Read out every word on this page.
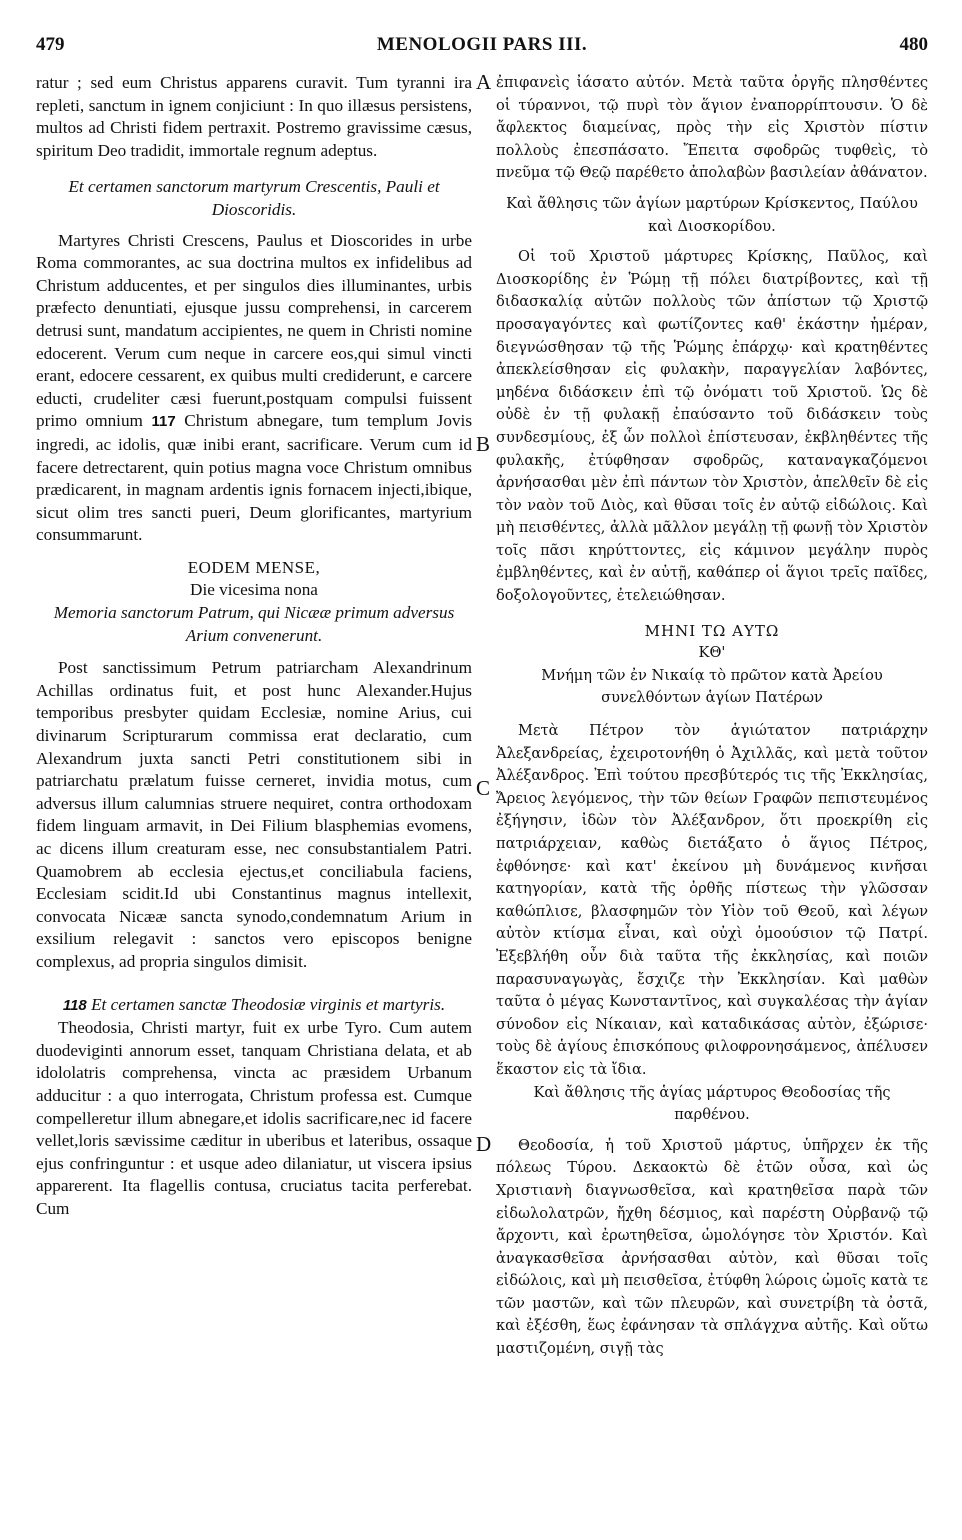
479	MENOLOGII PARS III.	480
A
B
C
D

ratur ; sed eum Christus apparens curavit. Tum tyranni ira repleti, sanctum in ignem conjiciunt : In quo illæsus persistens, multos ad Christi fidem pertraxit. Postremo gravissime cæsus, spiritum Deo tradidit, immortale regnum adeptus.

Et certamen sanctorum martyrum Crescentis, Pauli et Dioscoridis.

Martyres Christi Crescens, Paulus et Dioscorides in urbe Roma commorantes, ac sua doctrina multos ex infidelibus ad Christum adducentes, et per singulos dies illuminantes, urbis præfecto denuntiati, ejusque jussu comprehensi, in carcerem detrusi sunt, mandatum accipientes, ne quem in Christi nomine edocerent. Verum cum neque in carcere eos,qui simul vincti erant, edocere cessarent, ex quibus multi crediderunt, e carcere educti, crudeliter cæsi fuerunt,postquam compulsi fuissent primo omnium 117 Christum abnegare, tum templum Jovis ingredi, ac idolis, quæ inibi erant, sacrificare. Verum cum id facere detrectarent, quin potius magna voce Christum omnibus prædicarent, in magnam ardentis ignis fornacem injecti,ibique, sicut olim tres sancti pueri, Deum glorificantes, martyrium consummarunt.

EODEM MENSE,

Die vicesima nona

Memoria sanctorum Patrum, qui Nicææ primum adversus Arium convenerunt.

Post sanctissimum Petrum patriarcham Alexandrinum Achillas ordinatus fuit, et post hunc Alexander.Hujus temporibus presbyter quidam Ecclesiæ, nomine Arius, cui divinarum Scripturarum commissa erat declaratio, cum Alexandrum juxta sancti Petri constitutionem sibi in patriarchatu prælatum fuisse cerneret, invidia motus, cum adversus illum calumnias struere nequiret, contra orthodoxam fidem linguam armavit, in Dei Filium blasphemias evomens, ac dicens illum creaturam esse, nec consubstantialem Patri. Quamobrem ab ecclesia ejectus,et conciliabula faciens, Ecclesiam scidit.Id ubi Constantinus magnus intellexit, convocata Nicææ sancta synodo,condemnatum Arium in exsilium relegavit : sanctos vero episcopos benigne complexus, ad propria singulos dimisit.

118 Et certamen sanctæ Theodosiæ virginis et martyris.

Theodosia, Christi martyr, fuit ex urbe Tyro. Cum autem duodeviginti annorum esset, tanquam Christiana delata, et ab idololatris comprehensa, vincta ac præsidem Urbanum adducitur : a quo interrogata, Christum professa est. Cumque compelleretur illum abnegare,et idolis sacrificare,nec id facere vellet,loris sævissime cæditur in uberibus et lateribus, ossaque ejus confringuntur : et usque adeo dilaniatur, ut viscera ipsius apparerent. Ita flagellis contusa, cruciatus tacita perferebat. Cum

ἐπιφανεὶς ἰάσατο αὐτόν. Μετὰ ταῦτα ὀργῆς πλησθέντες οἱ τύραννοι, τῷ πυρὶ τὸν ἅγιον ἐναπορρίπτουσιν. Ὁ δὲ ἄφλεκτος διαμείνας, πρὸς τὴν εἰς Χριστὸν πίστιν πολλοὺς ἐπεσπάσατο. Ἔπειτα σφοδρῶς τυφθεὶς, τὸ πνεῦμα τῷ Θεῷ παρέθετο ἀπολαβὼν βασιλείαν ἀθάνατον.

Καὶ ἄθλησις τῶν ἁγίων μαρτύρων Κρίσκεντος, Παύλου καὶ Διοσκορίδου.

Οἱ τοῦ Χριστοῦ μάρτυρες Κρίσκης, Παῦλος, καὶ Διοσκορίδης ἐν Ῥώμῃ τῇ πόλει διατρίβοντες, καὶ τῇ διδασκαλίᾳ αὐτῶν πολλοὺς τῶν ἀπίστων τῷ Χριστῷ προσαγαγόντες καὶ φωτίζοντες καθ' ἑκάστην ἡμέραν, διεγνώσθησαν τῷ τῆς Ῥώμης ἐπάρχῳ· καὶ κρατηθέντες ἀπεκλείσθησαν εἰς φυλακὴν, παραγγελίαν λαβόντες, μηδένα διδάσκειν ἐπὶ τῷ ὀνόματι τοῦ Χριστοῦ. Ὡς δὲ οὐδὲ ἐν τῇ φυλακῇ ἐπαύσαντο τοῦ διδάσκειν τοὺς συνδεσμίους, ἐξ ὧν πολλοὶ ἐπίστευσαν, ἐκβληθέντες τῆς φυλακῆς, ἐτύφθησαν σφοδρῶς, καταναγκαζόμενοι ἀρνήσασθαι μὲν ἐπὶ πάντων τὸν Χριστὸν, ἀπελθεῖν δὲ εἰς τὸν ναὸν τοῦ Διὸς, καὶ θῦσαι τοῖς ἐν αὐτῷ εἰδώλοις. Καὶ μὴ πεισθέντες, ἀλλὰ μᾶλλον μεγάλῃ τῇ φωνῇ τὸν Χριστὸν τοῖς πᾶσι κηρύττοντες, εἰς κάμινον μεγάλην πυρὸς ἐμβληθέντες, καὶ ἐν αὐτῇ, καθάπερ οἱ ἅγιοι τρεῖς παῖδες, δοξολογοῦντες, ἐτελειώθησαν.

ΜΗΝΙ ΤΩ ΑΥΤΩ

ΚΘ'

Μνήμη τῶν ἐν Νικαίᾳ τὸ πρῶτον κατὰ Ἀρείου συνελθόντων ἁγίων Πατέρων

Μετὰ Πέτρον τὸν ἁγιώτατον πατριάρχην Ἀλεξανδρείας, ἐχειροτονήθη ὁ Ἀχιλλᾶς, καὶ μετὰ τοῦτον Ἀλέξανδρος. Ἐπὶ τούτου πρεσβύτερός τις τῆς Ἐκκλησίας, Ἄρειος λεγόμενος, τὴν τῶν θείων Γραφῶν πεπιστευμένος ἐξήγησιν, ἰδὼν τὸν Ἀλέξανδρον, ὅτι προεκρίθη εἰς πατριάρχειαν, καθὼς διετάξατο ὁ ἅγιος Πέτρος, ἐφθόνησε· καὶ κατ' ἐκείνου μὴ δυνάμενος κινῆσαι κατηγορίαν, κατὰ τῆς ὀρθῆς πίστεως τὴν γλῶσσαν καθώπλισε, βλασφημῶν τὸν Υἱὸν τοῦ Θεοῦ, καὶ λέγων αὐτὸν κτίσμα εἶναι, καὶ οὐχὶ ὁμοούσιον τῷ Πατρί. Ἐξεβλήθη οὖν διὰ ταῦτα τῆς ἐκκλησίας, καὶ ποιῶν παρασυναγωγὰς, ἔσχιζε τὴν Ἐκκλησίαν. Καὶ μαθὼν ταῦτα ὁ μέγας Κωνσταντῖνος, καὶ συγκαλέσας τὴν ἁγίαν σύνοδον εἰς Νίκαιαν, καὶ καταδικάσας αὐτὸν, ἐξώρισε· τοὺς δὲ ἁγίους ἐπισκόπους φιλοφρονησάμενος, ἀπέλυσεν ἕκαστον εἰς τὰ ἴδια.

Καὶ ἄθλησις τῆς ἁγίας μάρτυρος Θεοδοσίας τῆς παρθένου.

Θεοδοσία, ἡ τοῦ Χριστοῦ μάρτυς, ὑπῆρχεν ἐκ τῆς πόλεως Τύρου. Δεκαοκτὼ δὲ ἐτῶν οὖσα, καὶ ὡς Χριστιανὴ διαγνωσθεῖσα, καὶ κρατηθεῖσα παρὰ τῶν εἰδωλολατρῶν, ἤχθη δέσμιος, καὶ παρέστη Οὐρβανῷ τῷ ἄρχοντι, καὶ ἐρωτηθεῖσα, ὡμολόγησε τὸν Χριστόν. Καὶ ἀναγκασθεῖσα ἀρνήσασθαι αὐτὸν, καὶ θῦσαι τοῖς εἰδώλοις, καὶ μὴ πεισθεῖσα, ἐτύφθη λώροις ὠμοῖς κατὰ τε τῶν μαστῶν, καὶ τῶν πλευρῶν, καὶ συνετρίβη τὰ ὀστᾶ, καὶ ἐξέσθη, ἕως ἐφάνησαν τὰ σπλάγχνα αὐτῆς. Καὶ οὕτω μαστιζομένη, σιγῇ τὰς
